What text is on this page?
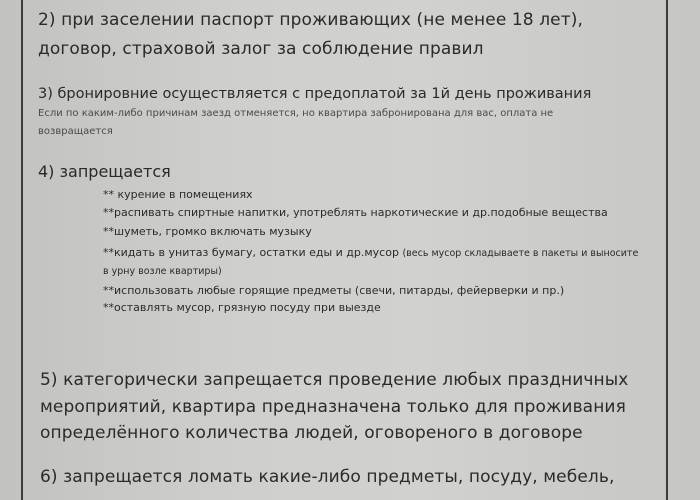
2) при заселении паспорт проживающих (не менее 18 лет),
договор, страховой залог за соблюдение правил
3) бронировние осуществляется с предоплатой за 1й день проживания
Если по каким-либо причинам заезд отменяется, но квартира забронирована для вас, оплата не
возвращается
4) запрещается
** курение в помещениях
**распивать спиртные напитки, употреблять наркотические и др.подобные вещества
**шуметь, громко включать музыку
**кидать в унитаз бумагу, остатки еды и др.мусор (весь мусор складываете в пакеты и выносите
в урну возле квартиры)
**использовать любые горящие предметы (свечи, питарды, фейерверки и пр.)
**оставлять мусор, грязную посуду при выезде
5) категорически запрещается проведение любых праздничных
мероприятий, квартира предназначена только для проживания
определённого количества людей, оговореного в договоре
6) запрещается ломать какие-либо предметы, посуду, мебель,
